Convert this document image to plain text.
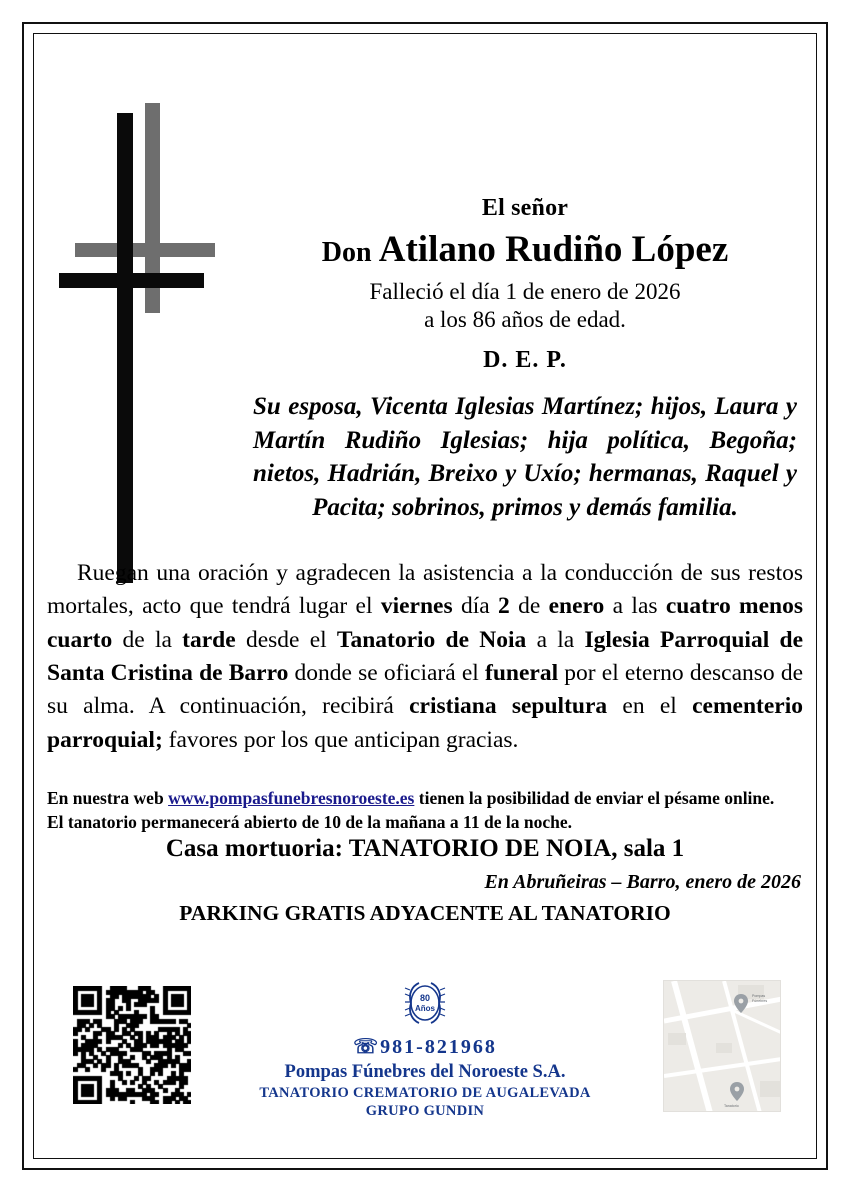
El señor
Don Atilano Rudiño López
Falleció el día 1 de enero de 2026
a los 86 años de edad.
D. E. P.
Su esposa, Vicenta Iglesias Martínez; hijos, Laura y Martín Rudiño Iglesias; hija política, Begoña; nietos, Hadrián, Breixo y Uxío; hermanas, Raquel y Pacita; sobrinos, primos y demás familia.
Ruegan una oración y agradecen la asistencia a la conducción de sus restos mortales, acto que tendrá lugar el viernes día 2 de enero a las cuatro menos cuarto de la tarde desde el Tanatorio de Noia a la Iglesia Parroquial de Santa Cristina de Barro donde se oficiará el funeral por el eterno descanso de su alma. A continuación, recibirá cristiana sepultura en el cementerio parroquial; favores por los que anticipan gracias.
En nuestra web www.pompasfunebresnoroeste.es tienen la posibilidad de enviar el pésame online.
El tanatorio permanecerá abierto de 10 de la mañana a 11 de la noche.
Casa mortuoria: TANATORIO DE NOIA, sala 1
En Abruñeiras – Barro, enero de 2026
PARKING GRATIS ADYACENTE AL TANATORIO
80
Años
☏981-821968
Pompas Fúnebres del Noroeste S.A.
TANATORIO CREMATORIO DE AUGALEVADA
GRUPO GUNDIN
Pompas
Fúnebres
Tanatorio
